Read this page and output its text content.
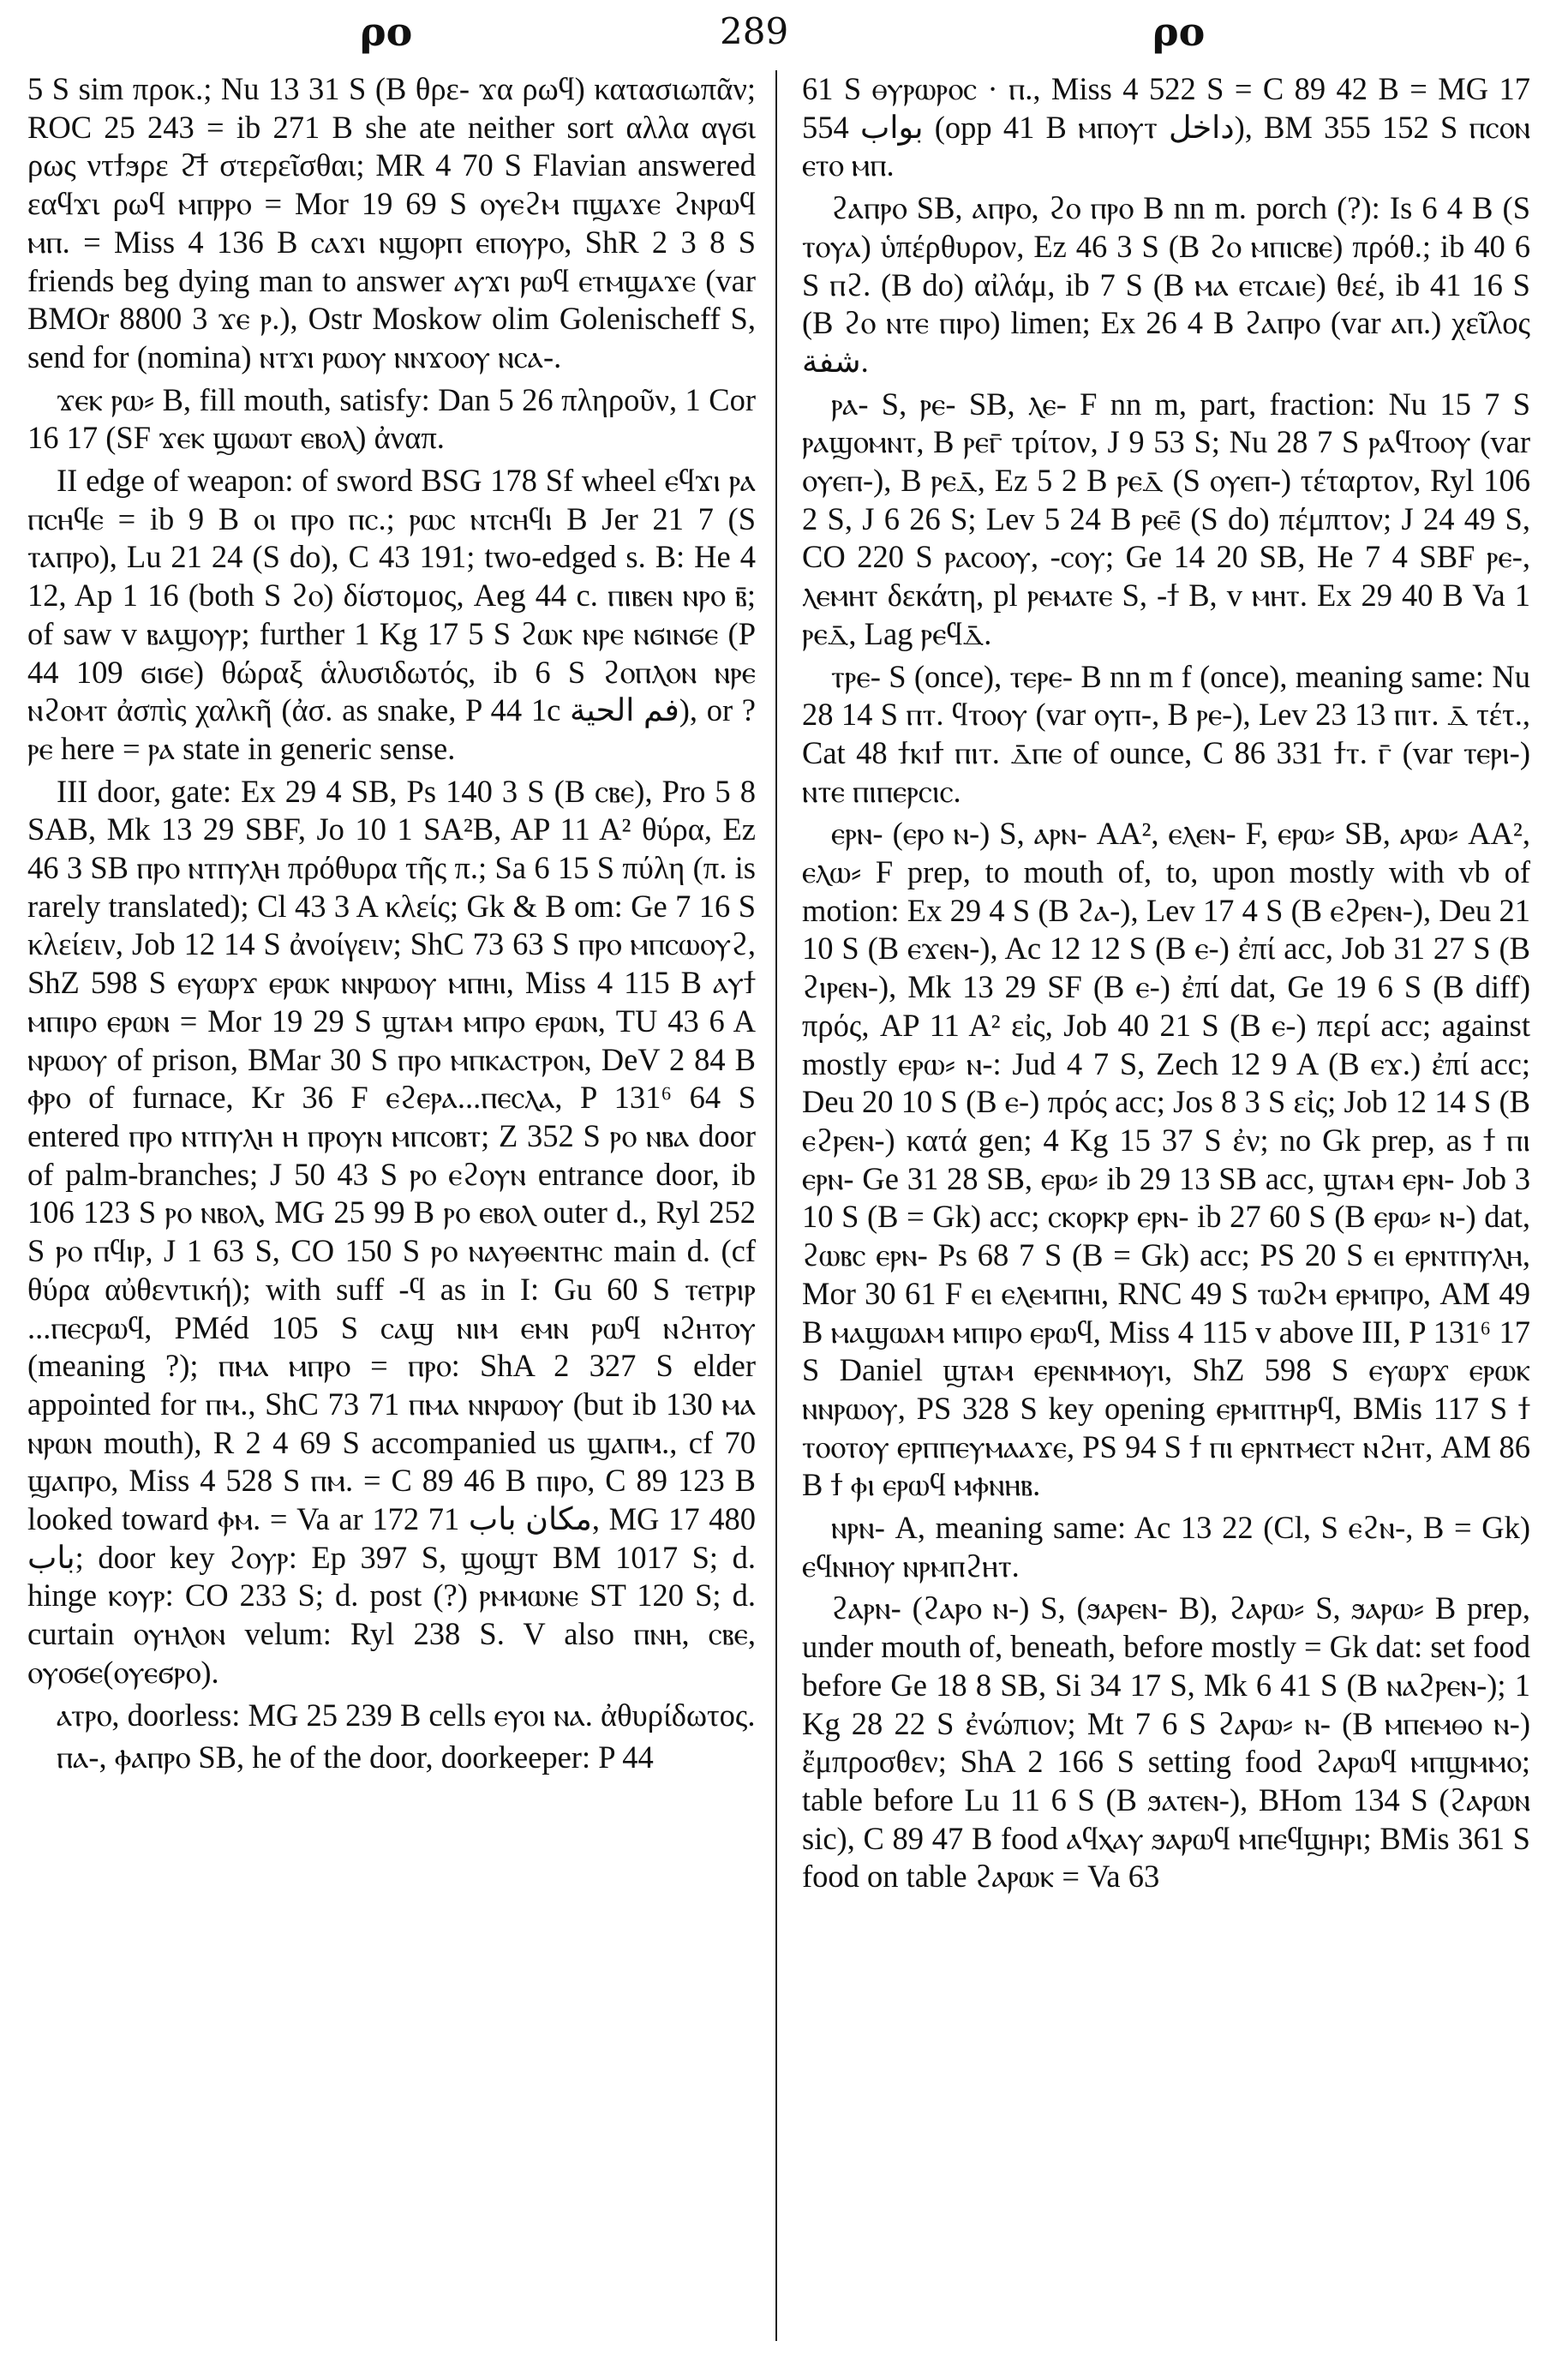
ρο	289	ρο

5 S sim προκ.; Nu 13 31 S (B θρε- ϫα ρωϥ) κατασιωπᾶν; ROC 25 243 = ib 271 B she ate neither sort αλλα αγϭι ρως ντϯϧρε ϩ̄ϯ στερεῖσθαι; MR 4 70 S Flavian answered εαϥϫι ρωϥ ⲙⲡⲣⲣⲟ = Mor 19 69 S ⲟⲩⲉϩⲙ ⲡϣⲁϫⲉ ϩⲛⲣⲱϥ ⲙⲡ. = Miss 4 136 B ⲥⲁϫⲓ ⲛϣⲟⲣⲡ ⲉⲡⲟⲩⲣⲟ, ShR 2 3 8 S friends beg dying man to answer ⲁⲩϫⲓ ⲣⲱϥ ⲉⲧⲙϣⲁϫⲉ (var BMOr 8800 3 ϫⲉ ⲣ.), Ostr Moskow olim Golenischeff S, send for (nomina) ⲛⲧϫⲓ ⲣⲱⲟⲩ ⲛⲛϫⲟⲟⲩ ⲛⲥⲁ-.

ϫⲉⲕ ⲣⲱ⸗ B, fill mouth, satisfy: Dan 5 26 πληροῦν, 1 Cor 16 17 (SF ϫⲉⲕ ϣⲱⲱⲧ ⲉⲃⲟⲗ) ἀναπ.

II edge of weapon: of sword BSG 178 Sf wheel ⲉϥϫⲓ ⲣⲁ ⲡⲥⲏϥⲉ = ib 9 B ⲟⲓ ⲡⲣⲟ ⲡⲥ.; ⲣⲱⲥ ⲛⲧⲥⲏϥⲓ B Jer 21 7 (S ⲧⲁⲡⲣⲟ), Lu 21 24 (S do), C 43 191; two-edged s. B: He 4 12, Ap 1 16 (both S ϩⲟ) δίστομος, Aeg 44 c. ⲡⲓⲃⲉⲛ ⲛⲣⲟ ⲃ̄; of saw v ⲃⲁϣⲟⲩⲣ; further 1 Kg 17 5 S ϩⲱⲕ ⲛⲣⲉ ⲛϭⲓⲛϭⲉ (P 44 109 ϭⲓϭⲉ) θώραξ ἁλυσιδωτός, ib 6 S ϩⲟⲡⲗⲟⲛ ⲛⲣⲉ ⲛϩⲟⲙⲧ ἀσπὶς χαλκῆ (ἀσ. as snake, P 44 1c فم الحية), or ? ⲣⲉ here = ⲣⲁ state in generic sense.

III door, gate: Ex 29 4 SB, Ps 140 3 S (B ⲥⲃⲉ), Pro 5 8 SAB, Mk 13 29 SBF, Jo 10 1 SA²B, AP 11 A² θύρα, Ez 46 3 SB ⲡⲣⲟ ⲛⲧⲡⲩⲗⲏ πρόθυρα τῆς π.; Sa 6 15 S πύλη (π. is rarely translated); Cl 43 3 A κλείς; Gk & B om: Ge 7 16 S κλείειν, Job 12 14 S ἀνοίγειν; ShC 73 63 S ⲡⲣⲟ ⲙⲡⲥⲱⲟⲩϩ, ShZ 598 S ⲉⲩⲱⲣϫ ⲉⲣⲱⲕ ⲛⲛⲣⲱⲟⲩ ⲙⲡⲏⲓ, Miss 4 115 B ⲁⲩϯ ⲙⲡⲓⲣⲟ ⲉⲣⲱⲛ = Mor 19 29 S ϣⲧⲁⲙ ⲙⲡⲣⲟ ⲉⲣⲱⲛ, TU 43 6 A ⲛⲣⲱⲟⲩ of prison, BMar 30 S ⲡⲣⲟ ⲙⲡⲕⲁⲥⲧⲣⲟⲛ, DeV 2 84 B ⲫⲣⲟ of furnace, Kr 36 F ⲉϩⲉⲣⲁ...ⲡⲉⲥⲗⲁ, P 131⁶ 64 S entered ⲡⲣⲟ ⲛⲧⲡⲩⲗⲏ ⲏ ⲡⲣⲟⲩⲛ ⲙⲡⲥⲟⲃⲧ; Z 352 S ⲣⲟ ⲛⲃⲁ door of palm-branches; J 50 43 S ⲣⲟ ⲉϩⲟⲩⲛ entrance door, ib 106 123 S ⲣⲟ ⲛⲃⲟⲗ, MG 25 99 B ⲣⲟ ⲉⲃⲟⲗ outer d., Ryl 252 S ⲣⲟ ⲡϥⲓⲣ, J 1 63 S, CO 150 S ⲣⲟ ⲛⲁⲩⲑⲉⲛⲧⲏⲥ main d. (cf θύρα αὐθεντική); with suff -ϥ as in I: Gu 60 S ⲧⲉⲧⲣⲓⲣ ...ⲡⲉⲥⲣⲱϥ, PMéd 105 S ⲥⲁϣ ⲛⲓⲙ ⲉⲙⲛ ⲣⲱϥ ⲛϩⲏⲧⲟⲩ (meaning ?); ⲡⲙⲁ ⲙⲡⲣⲟ = ⲡⲣⲟ: ShA 2 327 S elder appointed for ⲡⲙ., ShC 73 71 ⲡⲙⲁ ⲛⲛⲣⲱⲟⲩ (but ib 130 ⲙⲁ ⲛⲣⲱⲛ mouth), R 2 4 69 S accompanied us ϣⲁⲡⲙ., cf 70 ϣⲁⲡⲣⲟ, Miss 4 528 S ⲡⲙ. = C 89 46 B ⲡⲓⲣⲟ, C 89 123 B looked toward ⲫⲙ. = Va ar 172 71 مكان باب, MG 17 480 باب; door key ϩⲟⲩⲣ: Ep 397 S, ϣⲟϣⲧ BM 1017 S; d. hinge ⲕⲟⲩⲣ: CO 233 S; d. post (?) ⲣⲙⲙⲱⲛⲉ ST 120 S; d. curtain ⲟⲩⲏⲗⲟⲛ velum: Ryl 238 S. V also ⲡⲛⲏ, ⲥⲃⲉ, ⲟⲩⲟϭⲉ(ⲟⲩⲉϭⲣⲟ).

ⲁⲧⲣⲟ, doorless: MG 25 239 B cells ⲉⲩⲟⲓ ⲛⲁ. ἀθυρίδωτος.

ⲡⲁ-, ⲫⲁⲡⲣⲟ SB, he of the door, doorkeeper: P 44

61 S ⲑⲩⲣⲱⲣⲟⲥ · ⲡ., Miss 4 522 S = C 89 42 B = MG 17 554 بواب (opp 41 B ⲙⲡⲟⲩⲧ داخل), BM 355 152 S ⲡⲥⲟⲛ ⲉⲧⲟ ⲙⲡ.

ϩⲁⲡⲣⲟ SB, ⲁⲡⲣⲟ, ϩⲟ ⲡⲣⲟ B nn m. porch (?): Is 6 4 B (S ⲧⲟⲩⲁ) ὑπέρθυρον, Ez 46 3 S (B ϩⲟ ⲙⲡⲓⲥⲃⲉ) πρόθ.; ib 40 6 S ⲡϩ. (B do) αἰλάμ, ib 7 S (B ⲙⲁ ⲉⲧⲥⲁⲓⲉ) θεέ, ib 41 16 S (B ϩⲟ ⲛⲧⲉ ⲡⲓⲣⲟ) limen; Ex 26 4 B ϩⲁⲡⲣⲟ (var ⲁⲡ.) χεῖλος شفة.

ⲣⲁ- S, ⲣⲉ- SB, ⲗⲉ- F nn m, part, fraction: Nu 15 7 S ⲣⲁϣⲟⲙⲛⲧ, B ⲣⲉⲅ̄ τρίτον, J 9 53 S; Nu 28 7 S ⲣⲁϥⲧⲟⲟⲩ (var ⲟⲩⲉⲡ-), B ⲣⲉⲇ̄, Ez 5 2 B ⲣⲉⲇ̄ (S ⲟⲩⲉⲡ-) τέταρτον, Ryl 106 2 S, J 6 26 S; Lev 5 24 B ⲣⲉⲉ̄ (S do) πέμπτον; J 24 49 S, CO 220 S ⲣⲁⲥⲟⲟⲩ, -ⲥⲟⲩ; Ge 14 20 SB, He 7 4 SBF ⲣⲉ-, ⲗⲉⲙⲏⲧ δεκάτη, pl ⲣⲉⲙⲁⲧⲉ S, -ϯ B, v ⲙⲏⲧ. Ex 29 40 B Va 1 ⲣⲉⲇ̄, Lag ⲣⲉϥⲇ̄.

ⲧⲣⲉ- S (once), ⲧⲉⲣⲉ- B nn m f (once), meaning same: Nu 28 14 S ⲡⲧ. ϥⲧⲟⲟⲩ (var ⲟⲩⲡ-, B ⲣⲉ-), Lev 23 13 ⲡⲓⲧ. ⲇ̄ τέτ., Cat 48 ϯⲕⲓϯ ⲡⲓⲧ. ⲇ̄ⲡⲉ of ounce, C 86 331 ϯⲧ. ⲅ̄ (var ⲧⲉⲣⲓ-) ⲛⲧⲉ ⲡⲓⲡⲉⲣⲥⲓⲥ.

ⲉⲣⲛ- (ⲉⲣⲟ ⲛ-) S, ⲁⲣⲛ- AA², ⲉⲗⲉⲛ- F, ⲉⲣⲱ⸗ SB, ⲁⲣⲱ⸗ AA², ⲉⲗⲱ⸗ F prep, to mouth of, to, upon mostly with vb of motion: Ex 29 4 S (B ϩⲁ-), Lev 17 4 S (B ⲉϩⲣⲉⲛ-), Deu 21 10 S (B ⲉϫⲉⲛ-), Ac 12 12 S (B ⲉ-) ἐπί acc, Job 31 27 S (B ϩⲓⲣⲉⲛ-), Mk 13 29 SF (B ⲉ-) ἐπί dat, Ge 19 6 S (B diff) πρός, AP 11 A² εἰς, Job 40 21 S (B ⲉ-) περί acc; against mostly ⲉⲣⲱ⸗ ⲛ-: Jud 4 7 S, Zech 12 9 A (B ⲉϫ.) ἐπί acc; Deu 20 10 S (B ⲉ-) πρός acc; Jos 8 3 S εἰς; Job 12 14 S (B ⲉϩⲣⲉⲛ-) κατά gen; 4 Kg 15 37 S ἐν; no Gk prep, as ϯ ⲡⲓ ⲉⲣⲛ- Ge 31 28 SB, ⲉⲣⲱ⸗ ib 29 13 SB acc, ϣⲧⲁⲙ ⲉⲣⲛ- Job 3 10 S (B = Gk) acc; ⲥⲕⲟⲣⲕⲣ ⲉⲣⲛ- ib 27 60 S (B ⲉⲣⲱ⸗ ⲛ-) dat, ϩⲱⲃⲥ ⲉⲣⲛ- Ps 68 7 S (B = Gk) acc; PS 20 S ⲉⲓ ⲉⲣⲛⲧⲡⲩⲗⲏ, Mor 30 61 F ⲉⲓ ⲉⲗⲉⲙⲡⲏⲓ, RNC 49 S ⲧⲱϩⲙ ⲉⲣⲙⲡⲣⲟ, AM 49 B ⲙⲁϣⲱⲁⲙ ⲙⲡⲓⲣⲟ ⲉⲣⲱϥ, Miss 4 115 v above III, P 131⁶ 17 S Daniel ϣⲧⲁⲙ ⲉⲣⲉⲛⲙⲙⲟⲩⲓ, ShZ 598 S ⲉⲩⲱⲣϫ ⲉⲣⲱⲕ ⲛⲛⲣⲱⲟⲩ, PS 328 S key opening ⲉⲣⲙⲡⲧⲏⲣϥ, BMis 117 S ϯ ⲧⲟⲟⲧⲟⲩ ⲉⲣⲡⲡⲉⲩⲙⲁⲁϫⲉ, PS 94 S ϯ ⲡⲓ ⲉⲣⲛⲧⲙⲉⲥⲧ ⲛϩⲏⲧ, AM 86 B ϯ ⲫⲓ ⲉⲣⲱϥ ⲙⲫⲛⲏⲃ.

ⲛⲣⲛ- A, meaning same: Ac 13 22 (Cl, S ⲉϩⲛ-, B = Gk) ⲉϥⲛⲏⲟⲩ ⲛⲣⲙⲡϩⲏⲧ.

ϩⲁⲣⲛ- (ϩⲁⲣⲟ ⲛ-) S, (ϧⲁⲣⲉⲛ- B), ϩⲁⲣⲱ⸗ S, ϧⲁⲣⲱ⸗ B prep, under mouth of, beneath, before mostly = Gk dat: set food before Ge 18 8 SB, Si 34 17 S, Mk 6 41 S (B ⲛⲁϩⲣⲉⲛ-); 1 Kg 28 22 S ἐνώπιον; Mt 7 6 S ϩⲁⲣⲱ⸗ ⲛ- (B ⲙⲡⲉⲙⲑⲟ ⲛ-) ἔμπροσθεν; ShA 2 166 S setting food ϩⲁⲣⲱϥ ⲙⲡϣⲙⲙⲟ; table before Lu 11 6 S (B ϧⲁⲧⲉⲛ-), BHom 134 S (ϩⲁⲣⲱⲛ sic), C 89 47 B food ⲁϥⲭⲁⲩ ϧⲁⲣⲱϥ ⲙⲡⲉϥϣⲏⲣⲓ; BMis 361 S food on table ϩⲁⲣⲱⲕ = Va 63
